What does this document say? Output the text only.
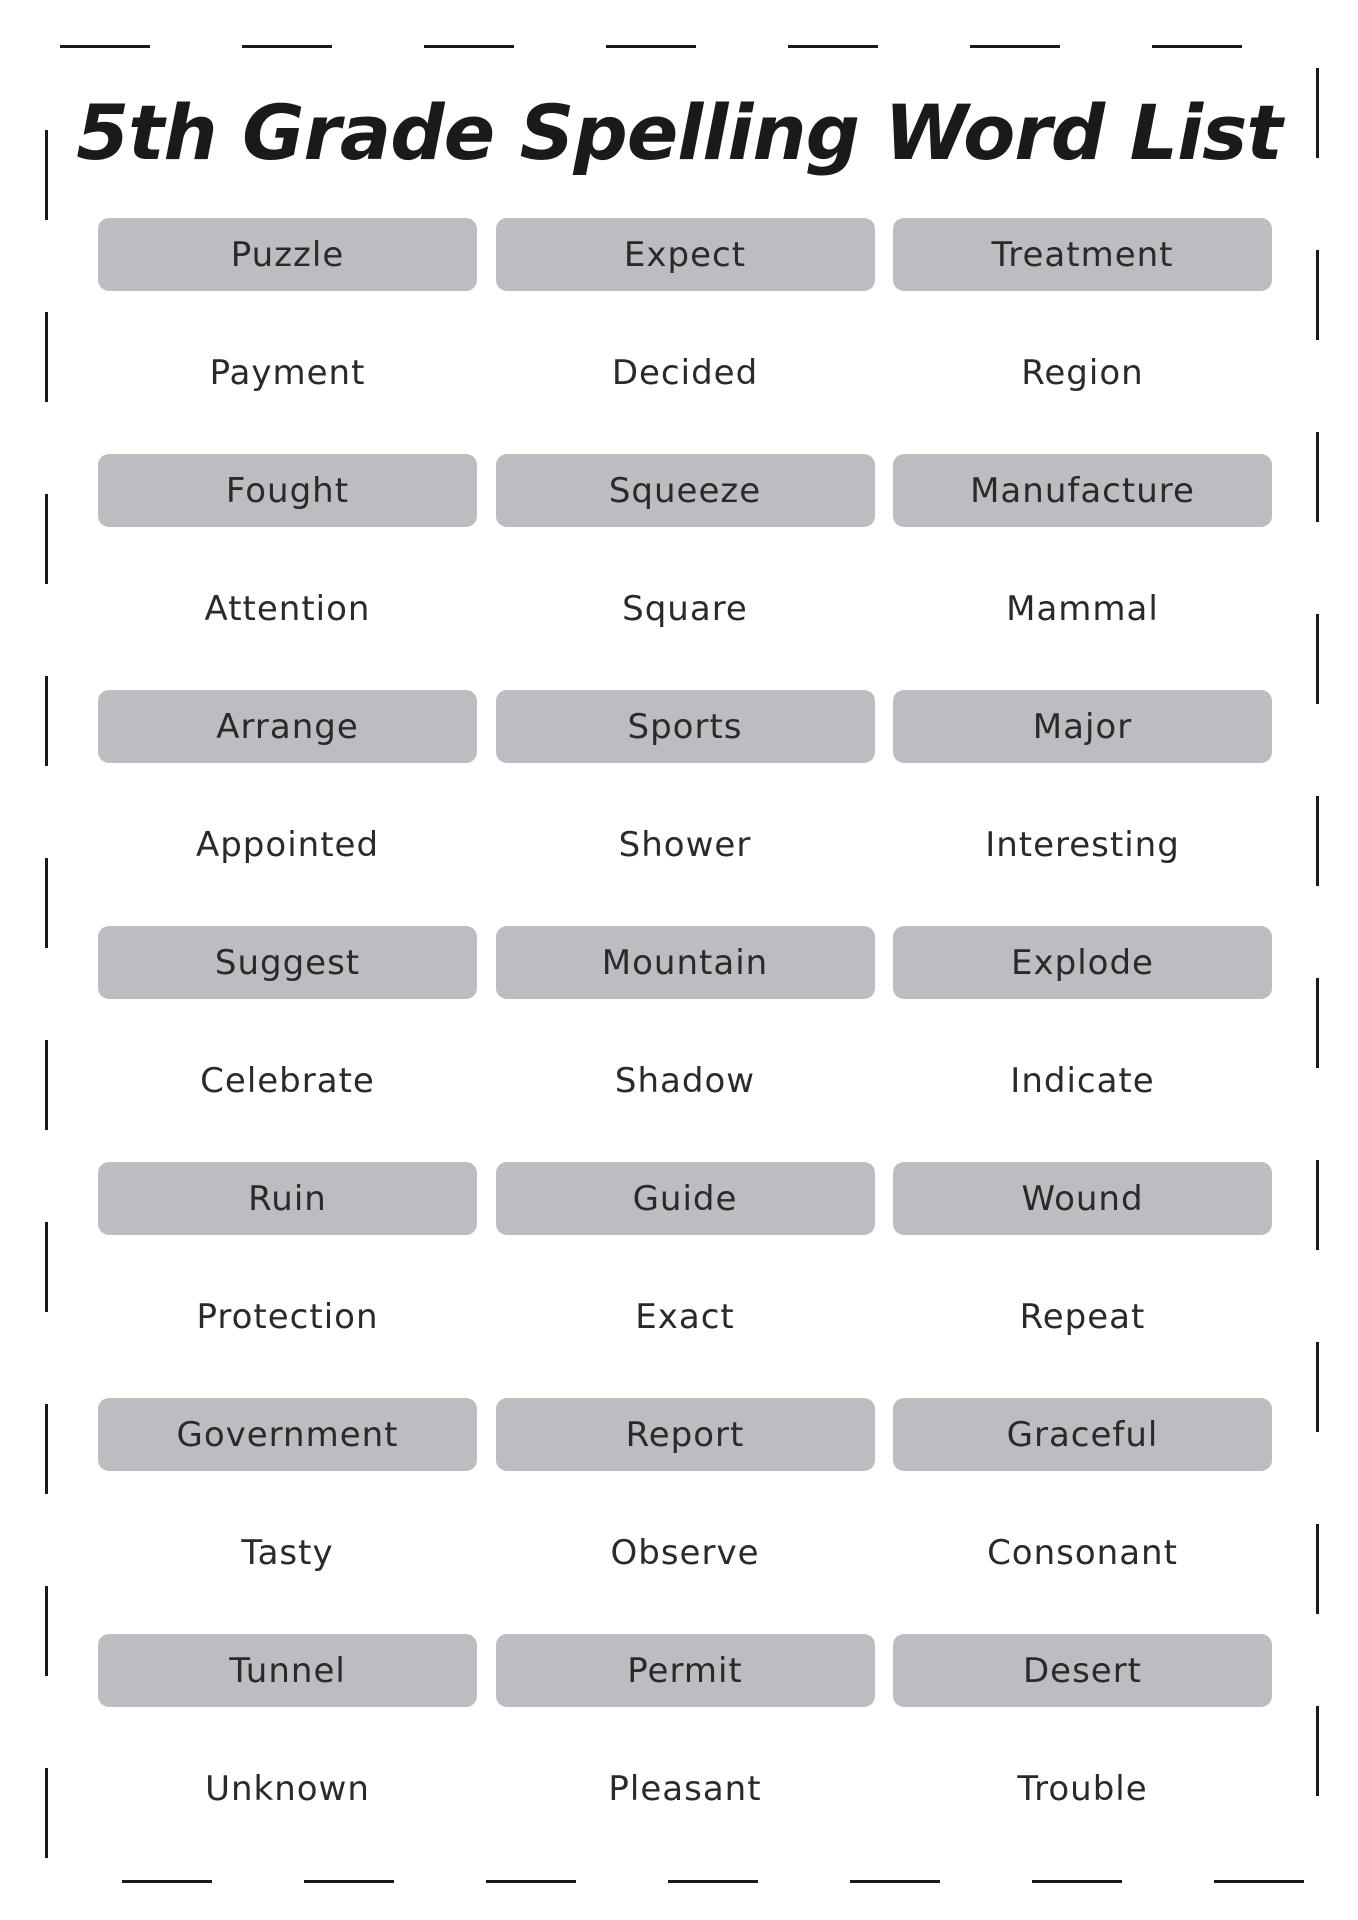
5th Grade Spelling Word List
Puzzle	Expect	Treatment
Payment	Decided	Region
Fought	Squeeze	Manufacture
Attention	Square	Mammal
Arrange	Sports	Major
Appointed	Shower	Interesting
Suggest	Mountain	Explode
Celebrate	Shadow	Indicate
Ruin	Guide	Wound
Protection	Exact	Repeat
Government	Report	Graceful
Tasty	Observe	Consonant
Tunnel	Permit	Desert
Unknown	Pleasant	Trouble
